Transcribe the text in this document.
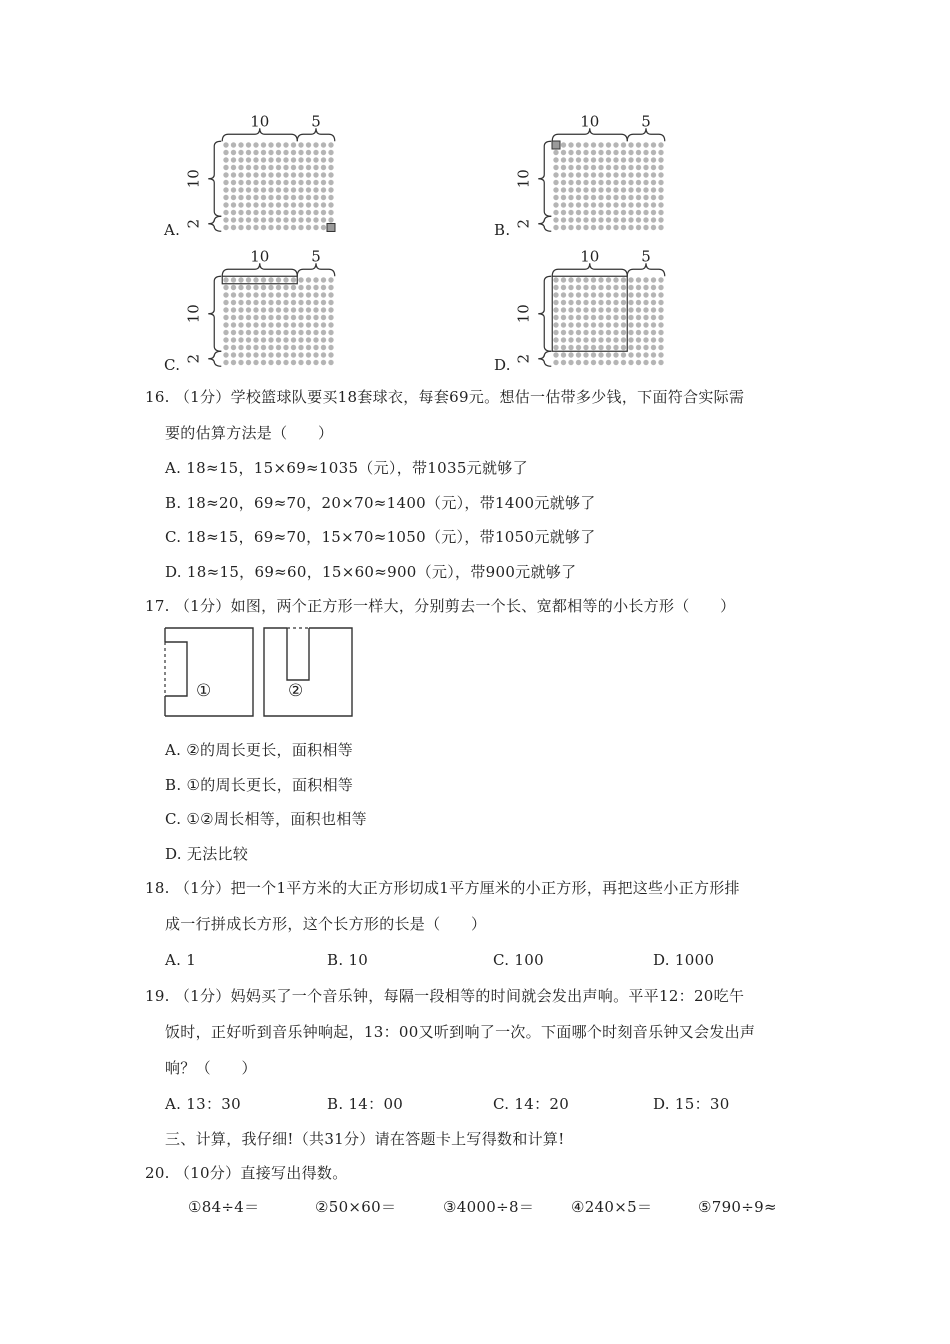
A.
10	5
10
2	B.
10	5
10
2
C.
10	5
10
2	D.
10	5
10
2
16. （1分）学校篮球队要买18套球衣，每套69元。想估一估带多少钱，下面符合实际需
要的估算方法是（　　）
A. 18≈15，15×69≈1035（元），带1035元就够了
B. 18≈20，69≈70，20×70≈1400（元），带1400元就够了
C. 18≈15，69≈70，15×70≈1050（元），带1050元就够了
D. 18≈15，69≈60，15×60≈900（元），带900元就够了
17. （1分）如图，两个正方形一样大，分别剪去一个长、宽都相等的小长方形（　　）
①	②
A. ②的周长更长，面积相等
B. ①的周长更长，面积相等
C. ①②周长相等，面积也相等
D. 无法比较
18. （1分）把一个1平方米的大正方形切成1平方厘米的小正方形，再把这些小正方形排
成一行拼成长方形，这个长方形的长是（　　）
A. 1	B. 10	C. 100	D. 1000
19. （1分）妈妈买了一个音乐钟，每隔一段相等的时间就会发出声响。平平12：20吃午
饭时，正好听到音乐钟响起，13：00又听到响了一次。下面哪个时刻音乐钟又会发出声
响？（　　）
A. 13：30	B. 14：00	C. 14：20	D. 15：30
三、计算，我仔细!（共31分）请在答题卡上写得数和计算!
20. （10分）直接写出得数。
①84÷4＝	②50×60＝	③4000÷8＝ ④240×5＝	⑤790÷9≈
